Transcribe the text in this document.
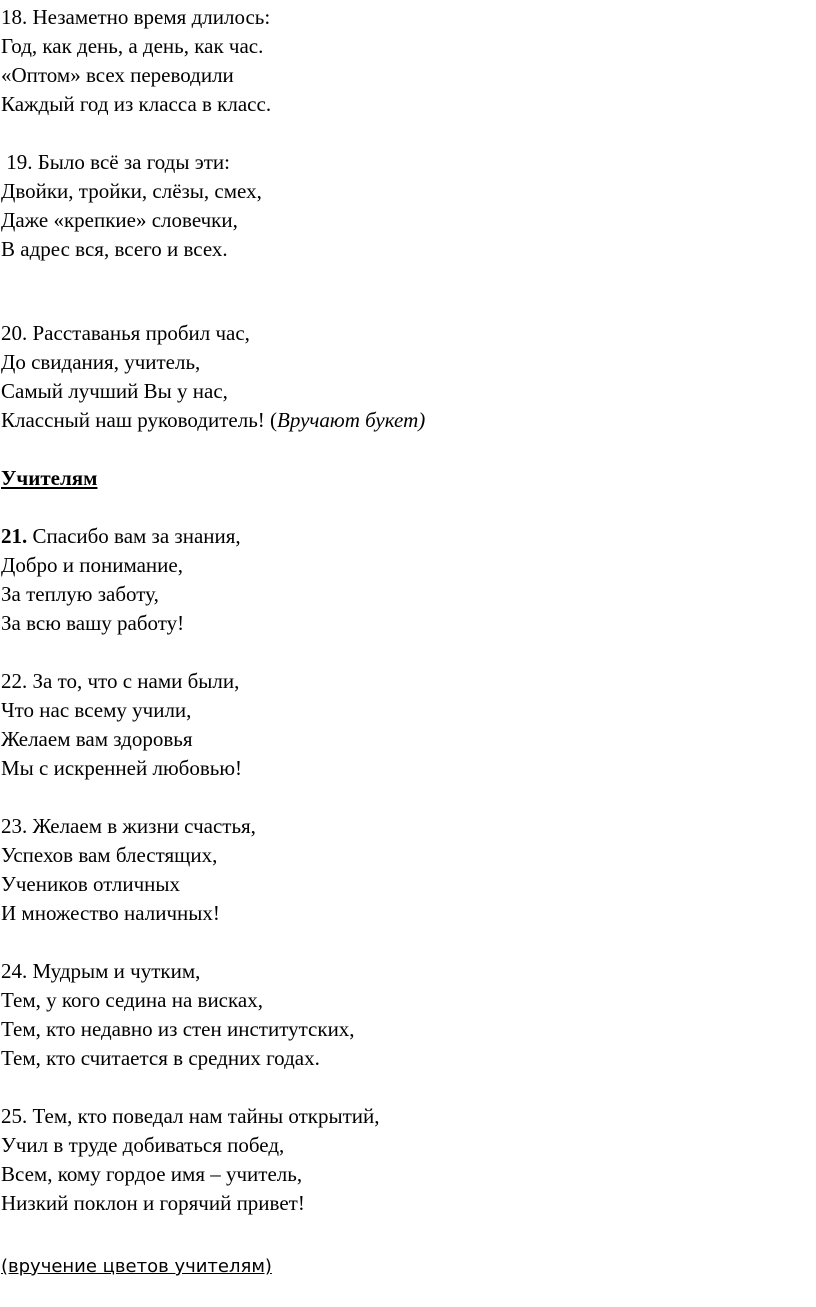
18. Незаметно время длилось:
Год, как день, а день, как час.
«Оптом» всех переводили
Каждый год из класса в класс.
19. Было всё за годы эти:
Двойки, тройки, слёзы, смех,
Даже «крепкие» словечки,
В адрес вся, всего и всех.
20. Расставанья пробил час,
До свидания, учитель,
Самый лучший Вы у нас,
Классный наш руководитель! (Вручают букет)
Учителям
21. Спасибо вам за знания,
Добро и понимание,
За теплую заботу,
За всю вашу работу!
22. За то, что с нами были,
Что нас всему учили,
Желаем вам здоровья
Мы с искренней любовью!
23. Желаем в жизни счастья,
Успехов вам блестящих,
Учеников отличных
И множество наличных!
24. Мудрым и чутким,
Тем, у кого седина на висках,
Тем, кто недавно из стен институтских,
Тем, кто считается в средних годах.
25. Тем, кто поведал нам тайны открытий,
Учил в труде добиваться побед,
Всем, кому гордое имя – учитель,
Низкий поклон и горячий привет!
(вручение цветов учителям)
